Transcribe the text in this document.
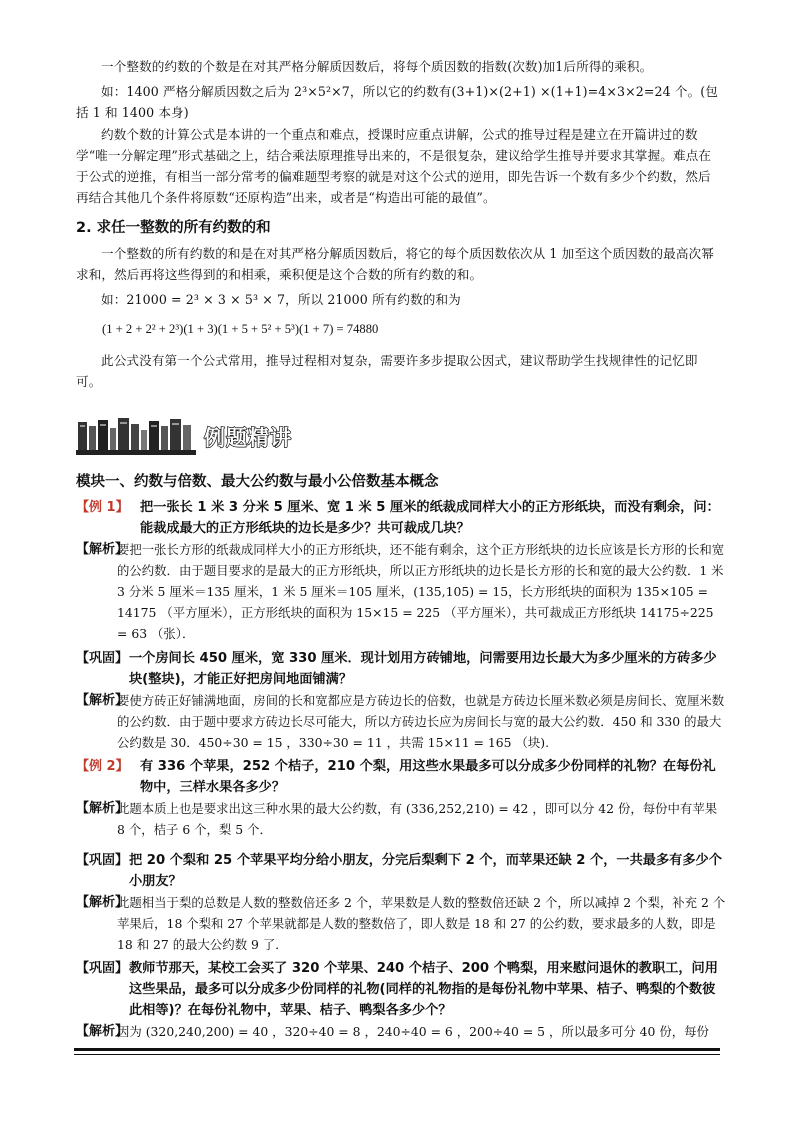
一个整数的约数的个数是在对其严格分解质因数后，将每个质因数的指数(次数)加1后所得的乘积。

如：1400 严格分解质因数之后为 2³×5²×7，所以它的约数有(3+1)×(2+1) ×(1+1)=4×3×2=24 个。(包括 1 和 1400 本身)

约数个数的计算公式是本讲的一个重点和难点，授课时应重点讲解，公式的推导过程是建立在开篇讲过的数学“唯一分解定理”形式基础之上，结合乘法原理推导出来的，不是很复杂，建议给学生推导并要求其掌握。难点在于公式的逆推，有相当一部分常考的偏难题型考察的就是对这个公式的逆用，即先告诉一个数有多少个约数，然后再结合其他几个条件将原数“还原构造”出来，或者是“构造出可能的最值”。

2. 求任一整数的所有约数的和

一个整数的所有约数的和是在对其严格分解质因数后，将它的每个质因数依次从 1 加至这个质因数的最高次幂求和，然后再将这些得到的和相乘，乘积便是这个合数的所有约数的和。

如：21000 = 2³ × 3 × 5³ × 7，所以 21000 所有约数的和为

(1 + 2 + 2² + 2³)(1 + 3)(1 + 5 + 5² + 5³)(1 + 7) = 74880

此公式没有第一个公式常用，推导过程相对复杂，需要许多步提取公因式，建议帮助学生找规律性的记忆即可。

例题精讲
模块一、约数与倍数、最大公约数与最小公倍数基本概念
【例 1】 把一张长 1 米 3 分米 5 厘米、宽 1 米 5 厘米的纸裁成同样大小的正方形纸块，而没有剩余，问：能裁成最大的正方形纸块的边长是多少？共可裁成几块？

【解析】

要把一张长方形的纸裁成同样大小的正方形纸块，还不能有剩余，这个正方形纸块的边长应该是长方形的长和宽的公约数．由于题目要求的是最大的正方形纸块，所以正方形纸块的边长是长方形的长和宽的最大公约数．1 米 3 分米 5 厘米＝135 厘米，1 米 5 厘米＝105 厘米，(135,105) = 15，长方形纸块的面积为 135×105 = 14175 （平方厘米），正方形纸块的面积为 15×15 = 225 （平方厘米），共可裁成正方形纸块 14175÷225 = 63 （张）．

【巩固】 一个房间长 450 厘米，宽 330 厘米．现计划用方砖铺地，问需要用边长最大为多少厘米的方砖多少块(整块)，才能正好把房间地面铺满？

【解析】

要使方砖正好铺满地面，房间的长和宽都应是方砖边长的倍数，也就是方砖边长厘米数必须是房间长、宽厘米数的公约数．由于题中要求方砖边长尽可能大，所以方砖边长应为房间长与宽的最大公约数．450 和 330 的最大公约数是 30．450÷30 = 15 ，330÷30 = 11 ，共需 15×11 = 165 （块).

【例 2】 有 336 个苹果，252 个桔子，210 个梨，用这些水果最多可以分成多少份同样的礼物？在每份礼物中，三样水果各多少？

【解析】

此题本质上也是要求出这三种水果的最大公约数，有 (336,252,210) = 42 ，即可以分 42 份，每份中有苹果 8 个，桔子 6 个，梨 5 个．

【巩固】 把 20 个梨和 25 个苹果平均分给小朋友，分完后梨剩下 2 个，而苹果还缺 2 个，一共最多有多少个小朋友？

【解析】

此题相当于梨的总数是人数的整数倍还多 2 个，苹果数是人数的整数倍还缺 2 个，所以减掉 2 个梨，补充 2 个苹果后，18 个梨和 27 个苹果就都是人数的整数倍了，即人数是 18 和 27 的公约数，要求最多的人数，即是 18 和 27 的最大公约数 9 了．

【巩固】 教师节那天，某校工会买了 320 个苹果、240 个桔子、200 个鸭梨，用来慰问退休的教职工，问用这些果品，最多可以分成多少份同样的礼物(同样的礼物指的是每份礼物中苹果、桔子、鸭梨的个数彼此相等)？在每份礼物中，苹果、桔子、鸭梨各多少个？

【解析】

因为 (320,240,200) = 40 ，320÷40 = 8 ，240÷40 = 6 ，200÷40 = 5 ，所以最多可分 40 份，每份
